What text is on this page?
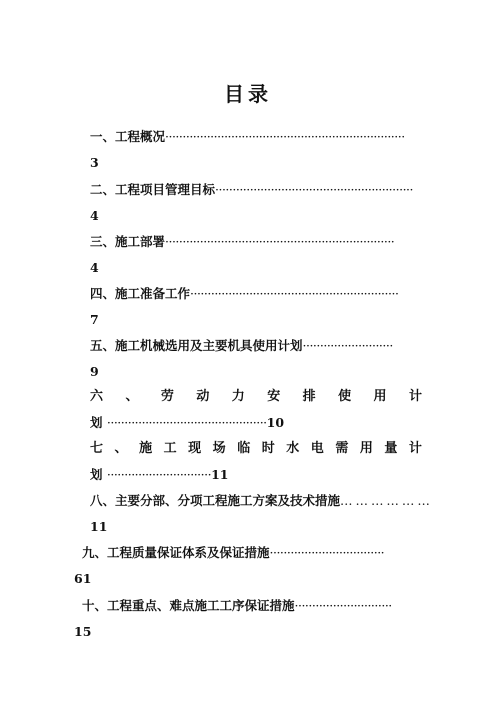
目录
一、工程概况·····································································
3
二、工程项目管理目标·························································
4
三、施工部署··································································
4
四、施工准备工作····························································
7
五、施工机械选用及主要机具使用计划··························
9
六 、 劳 动 力 安 排 使 用 计
划 ··············································10
七 、 施 工 现 场 临 时 水 电 需 用 量 计
划 ······························11
八、主要分部、分项工程施工方案及技术措施… … … … … …
11
九、工程质量保证体系及保证措施·································
61
十、工程重点、难点施工工序保证措施····························
15
